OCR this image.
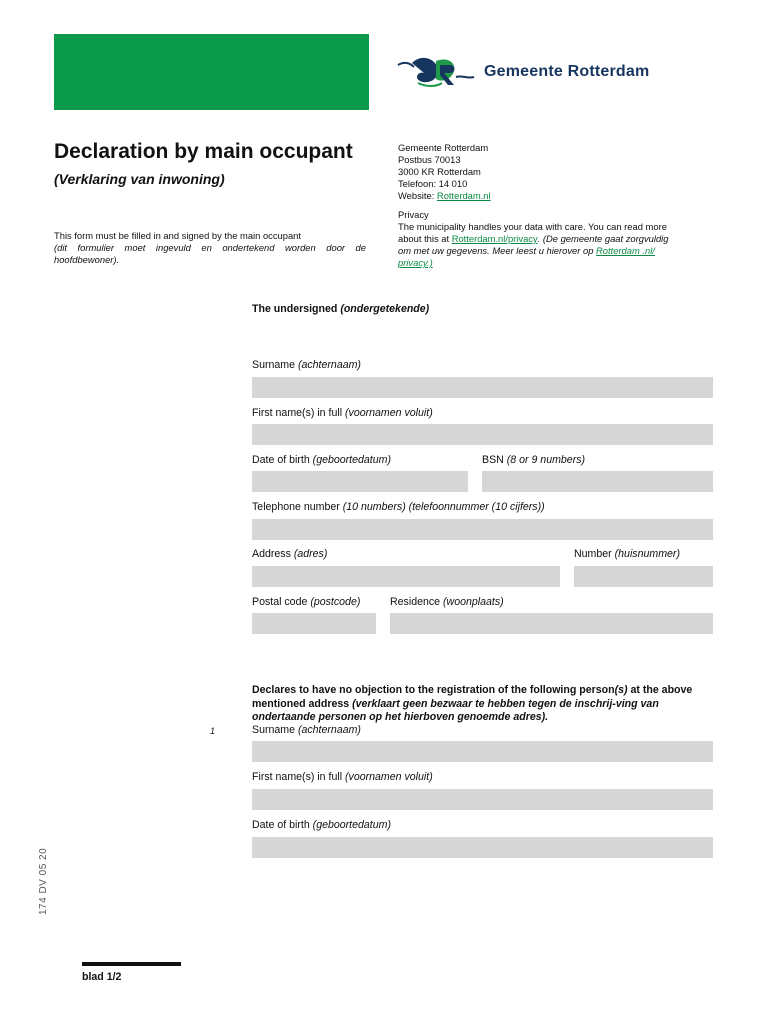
Gemeente Rotterdam
Declaration by main occupant
(Verklaring van inwoning)
This form must be filled in and signed by the main occupant
(dit formulier moet ingevuld en ondertekend worden door de hoofdbewoner).
Gemeente Rotterdam
Postbus 70013
3000 KR Rotterdam
Telefoon: 14 010
Website: Rotterdam.nl
Privacy
The municipality handles your data with care. You can read more
about this at Rotterdam.nl/privacy. (De gemeente gaat zorgvuldig
om met uw gegevens. Meer leest u hierover op Rotterdam .nl/
privacy.)
The undersigned (ondergetekende)
Surname (achternaam)
First name(s) in full (voornamen voluit)
Date of birth (geboortedatum)	BSN (8 or 9 numbers)
Telephone number (10 numbers) (telefoonnummer (10 cijfers))
Address (adres)	Number (huisnummer)
Postal code (postcode)	Residence (woonplaats)
Declares to have no objection to the registration of the following person(s) at the above mentioned address (verklaart geen bezwaar te hebben tegen de inschrij-ving van ondertaande personen op het hierboven genoemde adres).
1	Surname (achternaam)
First name(s) in full (voornamen voluit)
Date of birth (geboortedatum)
174 DV 05 20
blad 1/2
